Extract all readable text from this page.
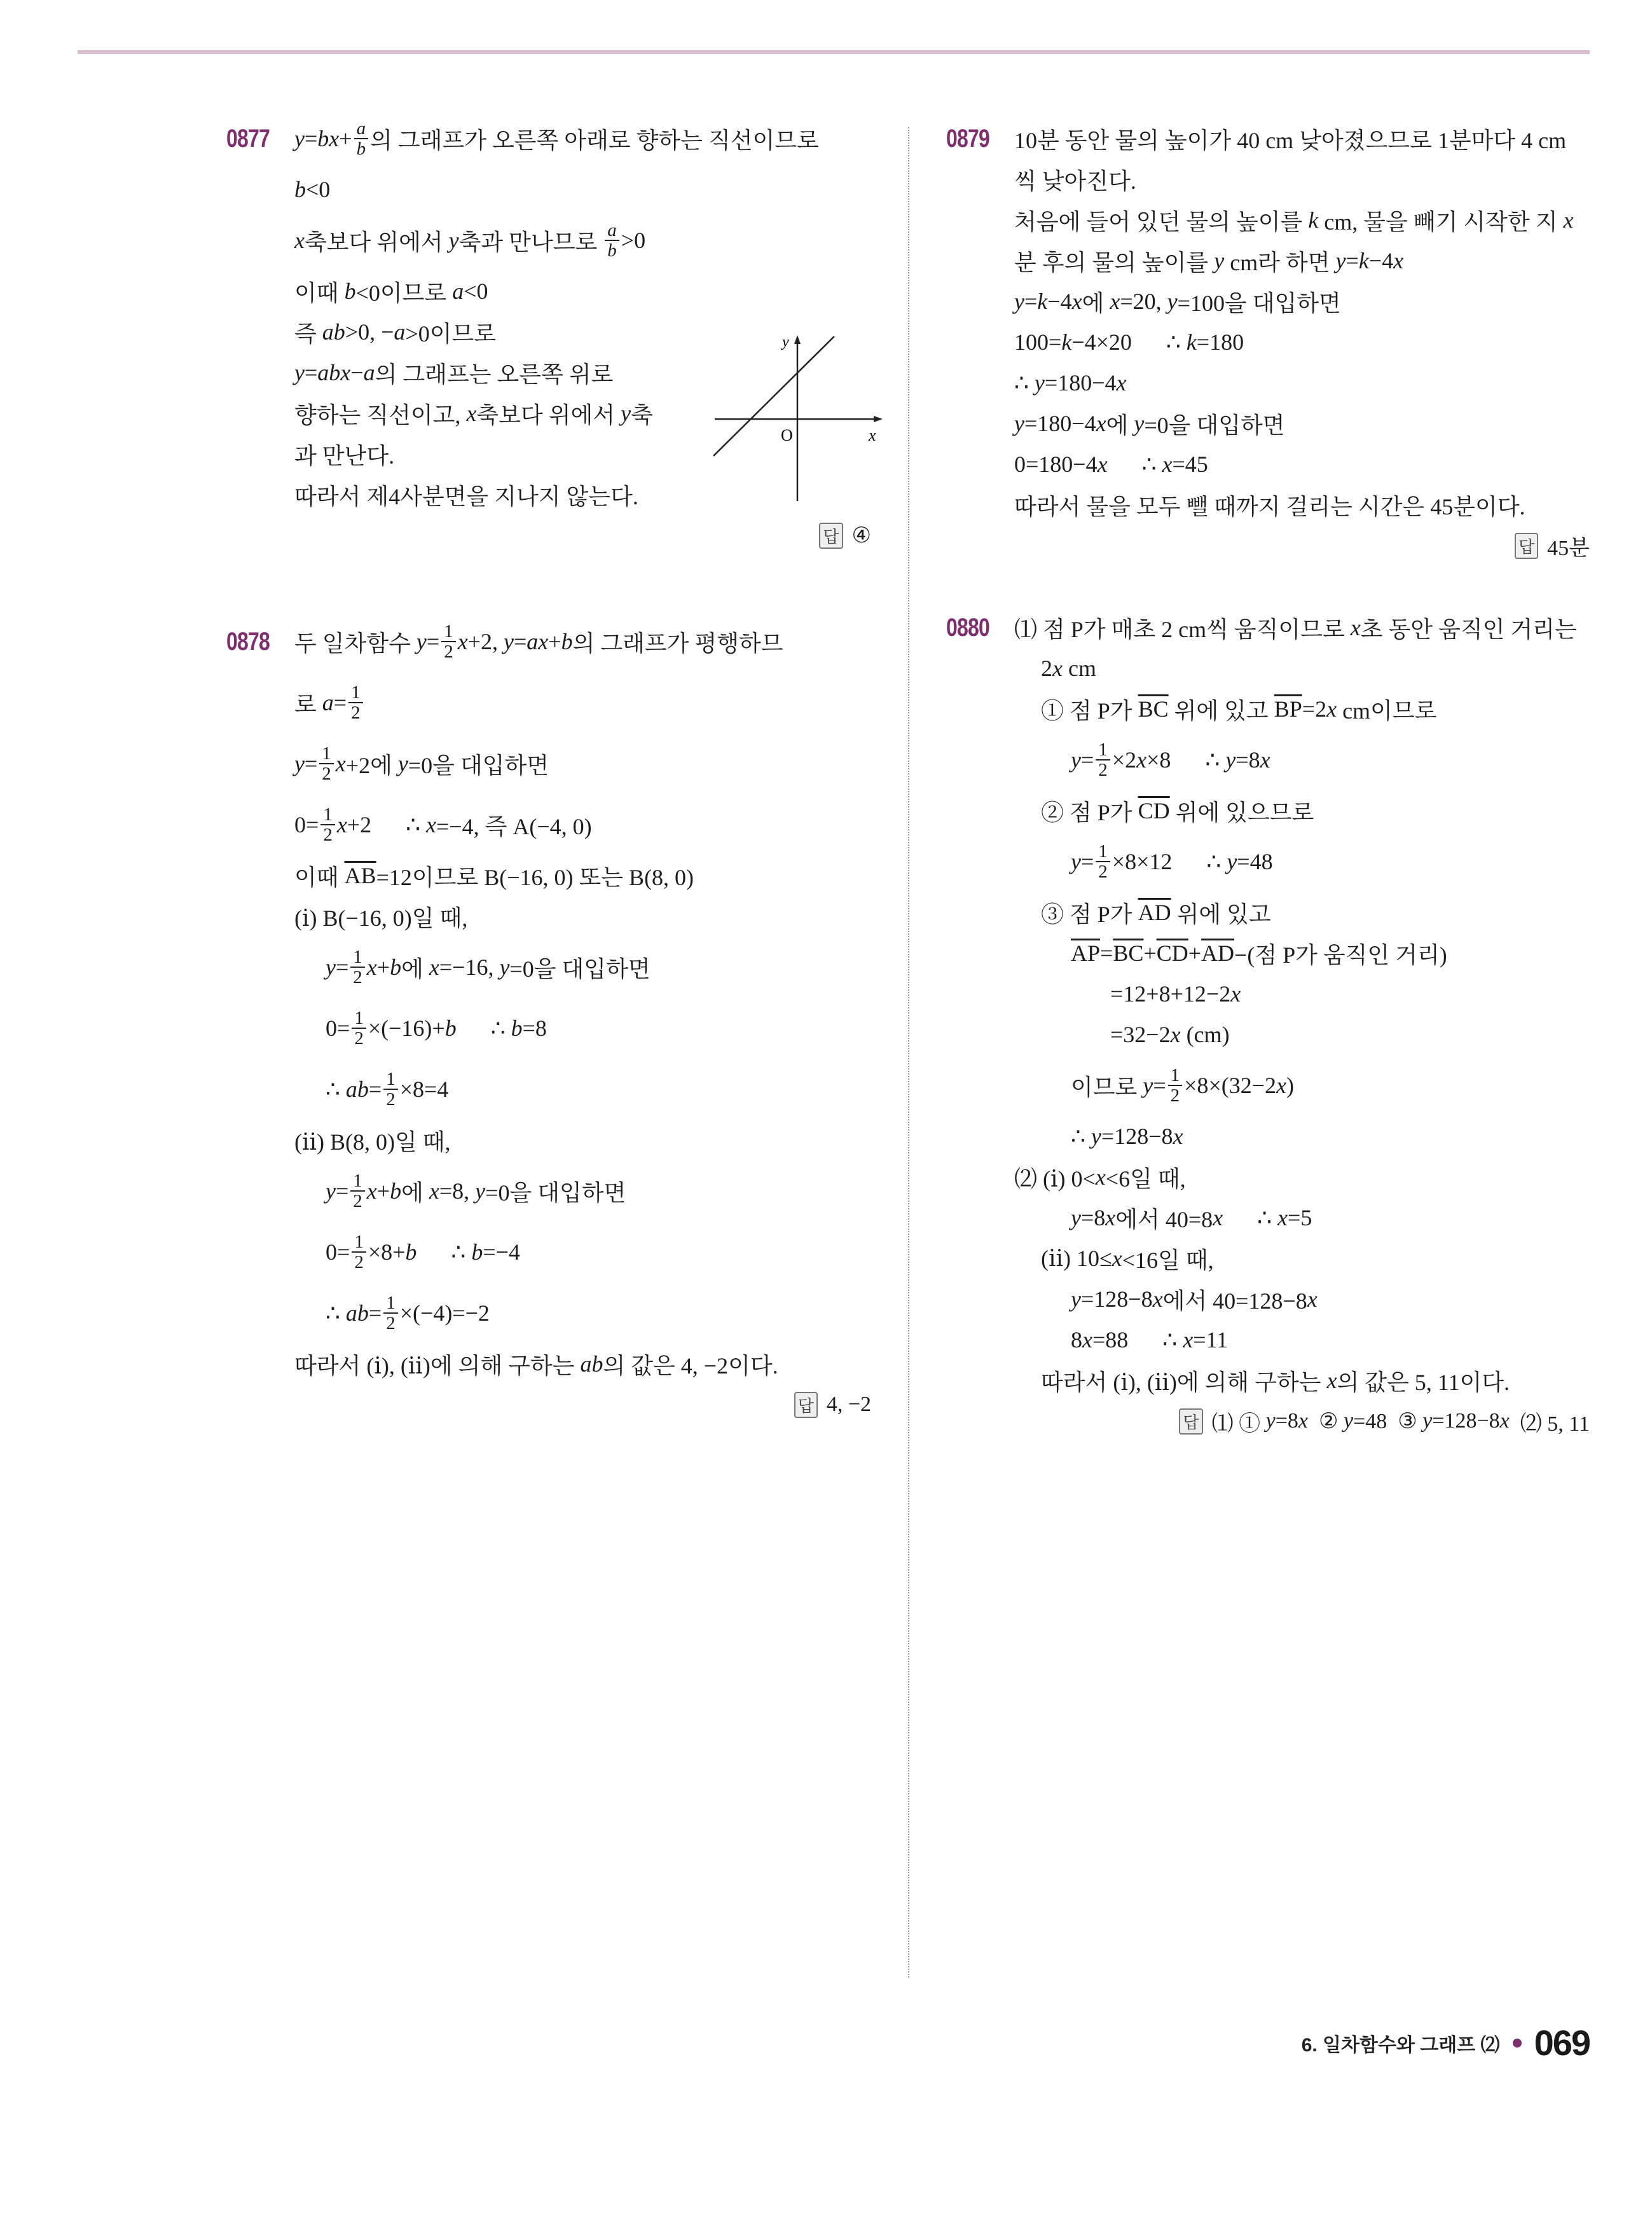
0877 y = bx + $\frac{a}{b}$ 의 그래프가 오른쪽 아래로 향하는 직선이므로
b <0
x 축보다 위에서 y 축과 만나므로 $\frac{a}{b} >0$
이때 b <0이므로 a <0
즉 ab >0, − a >0이므로
y = abx − a 의 그래프는 오른쪽 위로
향하는 직선이고, x 축보다 위에서 y 축
과 만난다.
따라서 제4사분면을 지나지 않는다.
답 ④
y
O	x
0878 두 일차함수 $y = \frac{1}{2}$ x +2, y = ax + b 의 그래프가 평행하므
로 $a = \frac{1}{2}$
$y = \frac{1}{2}$ x +2에 y =0을 대입하면
$0= \frac{1}{2}$ x +2      ∴ x =−4, 즉 A(−4, 0)
이때 $\overline{AB} =12$이므로 B(−16, 0) 또는 B(8, 0)
(ⅰ) B(−16, 0)일 때,
$y = \frac{1}{2}$ x + b 에 x =−16, y =0을 대입하면
$0= \frac{1}{2} \times(-16)+ b$ ∴ b =8
∴ ab = $\frac{1}{2} \times 8=4$
(ⅱ) B(8, 0)일 때,
$y = \frac{1}{2}$ x + b 에 x =8, y =0을 대입하면
$0= \frac{1}{2} \times 8+ b$ ∴ b =−4
∴ ab = $\frac{1}{2} \times(-4)=-2$
따라서 (ⅰ), (ⅱ)에 의해 구하는 ab 의 값은 4, −2이다.
답 4, −2
0879 10분 동안 물의 높이가 40 cm 낮아졌으므로 1분마다 4 cm
씩 낮아진다.
처음에 들어 있던 물의 높이를 k cm, 물을 빼기 시작한 지 x
분 후의 물의 높이를 y cm라 하면 y = k −4 x
y = k −4 x 에 x =20, y =100을 대입하면
100= k −4×20      ∴ k =180
∴ y =180−4 x
y =180−4 x 에 y =0을 대입하면
0=180−4 x ∴ x =45
따라서 물을 모두 뺄 때까지 걸리는 시간은 45분이다.
답 45분
0880 ⑴ 점 P가 매초 2 cm씩 움직이므로 x 초 동안 움직인 거리는
2 x cm
① 점 P가 $\overline{BC}$ 위에 있고 $\overline{BP} =2$ x cm이므로
$y = \frac{1}{2} \times 2$ x ×8      ∴ y =8 x
② 점 P가 $\overline{CD}$ 위에 있으므로
$y = \frac{1}{2} \times 8\times 12$      ∴ y =48
③ 점 P가 $\overline{AD}$ 위에 있고
$\overline{AP} = \overline{BC} + \overline{CD} + \overline{AD}$ −(점 P가 움직인 거리)
=12+8+12−2 x
=32−2 x (cm)
이므로 $y = \frac{1}{2} \times 8\times(32-2$ x )
∴ y =128−8 x
⑵ (ⅰ) 0< x <6일 때,
y =8 x 에서 40=8 x ∴ x =5
(ⅱ) 10≤ x <16일 때,
y =128−8 x 에서 40=128−8 x
8 x =88      ∴ x =11
따라서 (ⅰ), (ⅱ)에 의해 구하는 x 의 값은 5, 11이다.
답 ⑴ ① y =8 x ② y =48  ③ y =128−8 x ⑵ 5, 11
6. 일차함수와 그래프 ⑵ 069
